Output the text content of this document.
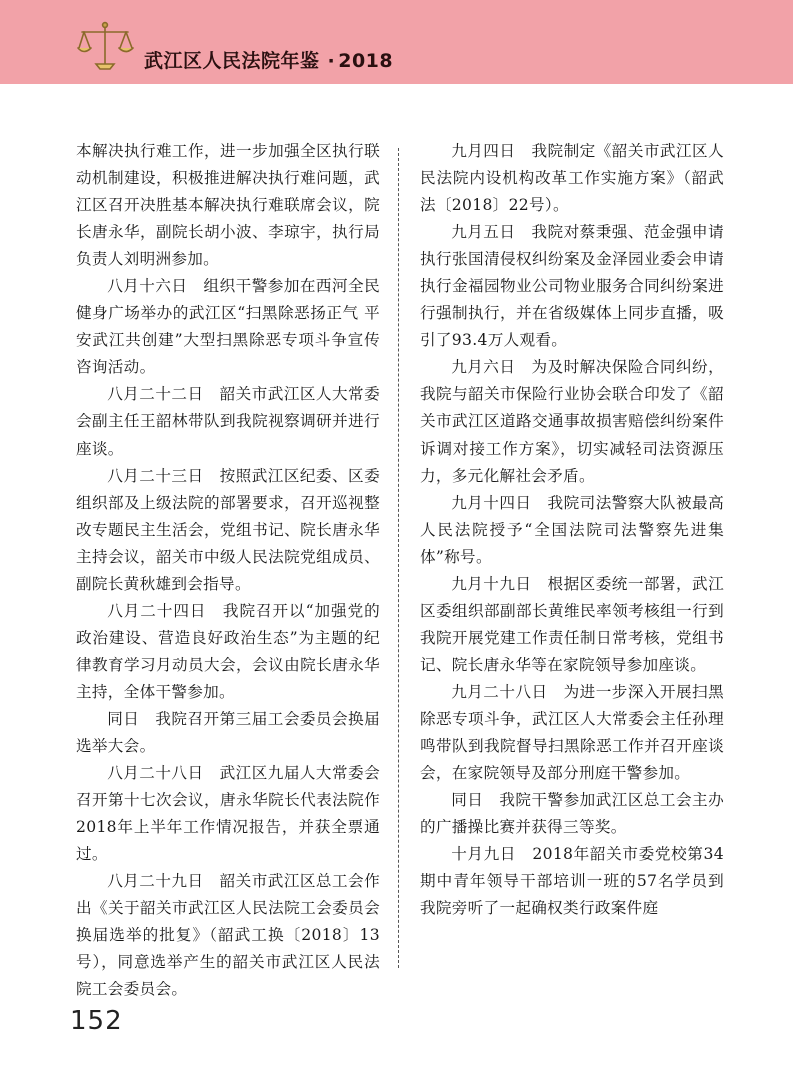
武江区人民法院年鉴 · 2018

本解决执行难工作，进一步加强全区执行联动机制建设，积极推进解决执行难问题，武江区召开决胜基本解决执行难联席会议，院长唐永华，副院长胡小波、李琼宇，执行局负责人刘明洲参加。

八月十六日　组织干警参加在西河全民健身广场举办的武江区“扫黑除恶扬正气 平安武江共创建”大型扫黑除恶专项斗争宣传咨询活动。

八月二十二日　韶关市武江区人大常委会副主任王韶林带队到我院视察调研并进行座谈。

八月二十三日　按照武江区纪委、区委组织部及上级法院的部署要求，召开巡视整改专题民主生活会，党组书记、院长唐永华主持会议，韶关市中级人民法院党组成员、副院长黄秋雄到会指导。

八月二十四日　我院召开以“加强党的政治建设、营造良好政治生态”为主题的纪律教育学习月动员大会，会议由院长唐永华主持，全体干警参加。

同日　我院召开第三届工会委员会换届选举大会。

八月二十八日　武江区九届人大常委会召开第十七次会议，唐永华院长代表法院作2018年上半年工作情况报告，并获全票通过。

八月二十九日　韶关市武江区总工会作出《关于韶关市武江区人民法院工会委员会换届选举的批复》（韶武工换〔2018〕13号），同意选举产生的韶关市武江区人民法院工会委员会。

九月四日　我院制定《韶关市武江区人民法院内设机构改革工作实施方案》（韶武法〔2018〕22号）。

九月五日　我院对蔡秉强、范金强申请执行张国清侵权纠纷案及金泽园业委会申请执行金福园物业公司物业服务合同纠纷案进行强制执行，并在省级媒体上同步直播，吸引了93.4万人观看。

九月六日　为及时解决保险合同纠纷，我院与韶关市保险行业协会联合印发了《韶关市武江区道路交通事故损害赔偿纠纷案件诉调对接工作方案》，切实减轻司法资源压力，多元化解社会矛盾。

九月十四日　我院司法警察大队被最高人民法院授予“全国法院司法警察先进集体”称号。

九月十九日　根据区委统一部署，武江区委组织部副部长黄维民率领考核组一行到我院开展党建工作责任制日常考核，党组书记、院长唐永华等在家院领导参加座谈。

九月二十八日　为进一步深入开展扫黑除恶专项斗争，武江区人大常委会主任孙理鸣带队到我院督导扫黑除恶工作并召开座谈会，在家院领导及部分刑庭干警参加。

同日　我院干警参加武江区总工会主办的广播操比赛并获得三等奖。

十月九日　2018年韶关市委党校第34期中青年领导干部培训一班的57名学员到我院旁听了一起确权类行政案件庭

152
